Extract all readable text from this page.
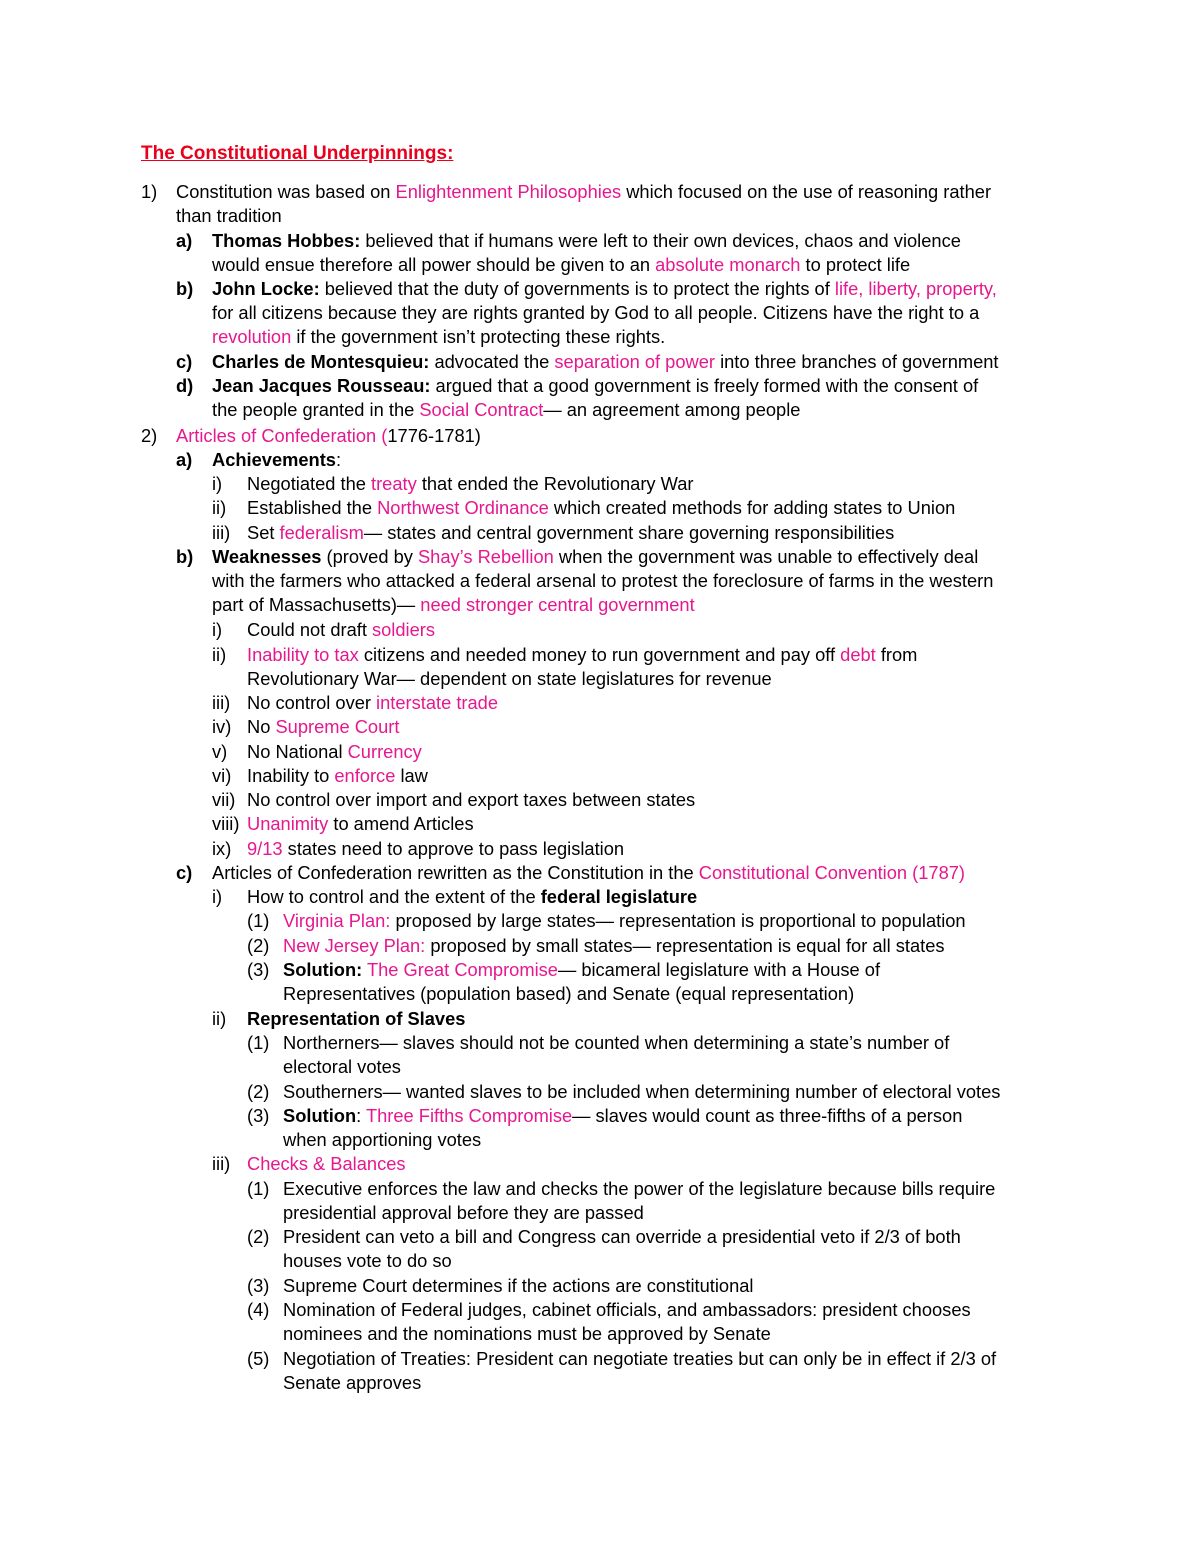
The Constitutional Underpinnings:
1) Constitution was based on Enlightenment Philosophies which focused on the use of reasoning rather
than tradition
a) Thomas Hobbes: believed that if humans were left to their own devices, chaos and violence
would ensue therefore all power should be given to an absolute monarch to protect life
b) John Locke: believed that the duty of governments is to protect the rights of life, liberty, property,
for all citizens because they are rights granted by God to all people. Citizens have the right to a
revolution if the government isn’t protecting these rights.
c) Charles de Montesquieu: advocated the separation of power into three branches of government
d) Jean Jacques Rousseau: argued that a good government is freely formed with the consent of
the people granted in the Social Contract— an agreement among people
2) Articles of Confederation (1776-1781)
a) Achievements:
i) Negotiated the treaty that ended the Revolutionary War
ii) Established the Northwest Ordinance which created methods for adding states to Union
iii) Set federalism— states and central government share governing responsibilities
b) Weaknesses (proved by Shay’s Rebellion when the government was unable to effectively deal
with the farmers who attacked a federal arsenal to protest the foreclosure of farms in the western
part of Massachusetts)— need stronger central government
i) Could not draft soldiers
ii) Inability to tax citizens and needed money to run government and pay off debt from
Revolutionary War— dependent on state legislatures for revenue
iii) No control over interstate trade
iv) No Supreme Court
v) No National Currency
vi) Inability to enforce law
vii) No control over import and export taxes between states
viii) Unanimity to amend Articles
ix) 9/13 states need to approve to pass legislation
c) Articles of Confederation rewritten as the Constitution in the Constitutional Convention (1787)
i) How to control and the extent of the federal legislature
(1) Virginia Plan: proposed by large states— representation is proportional to population
(2) New Jersey Plan: proposed by small states— representation is equal for all states
(3) Solution: The Great Compromise— bicameral legislature with a House of
Representatives (population based) and Senate (equal representation)
ii) Representation of Slaves
(1) Northerners— slaves should not be counted when determining a state’s number of
electoral votes
(2) Southerners— wanted slaves to be included when determining number of electoral votes
(3) Solution: Three Fifths Compromise— slaves would count as three-fifths of a person
when apportioning votes
iii) Checks & Balances
(1) Executive enforces the law and checks the power of the legislature because bills require
presidential approval before they are passed
(2) President can veto a bill and Congress can override a presidential veto if 2/3 of both
houses vote to do so
(3) Supreme Court determines if the actions are constitutional
(4) Nomination of Federal judges, cabinet officials, and ambassadors: president chooses
nominees and the nominations must be approved by Senate
(5) Negotiation of Treaties: President can negotiate treaties but can only be in effect if 2/3 of
Senate approves
